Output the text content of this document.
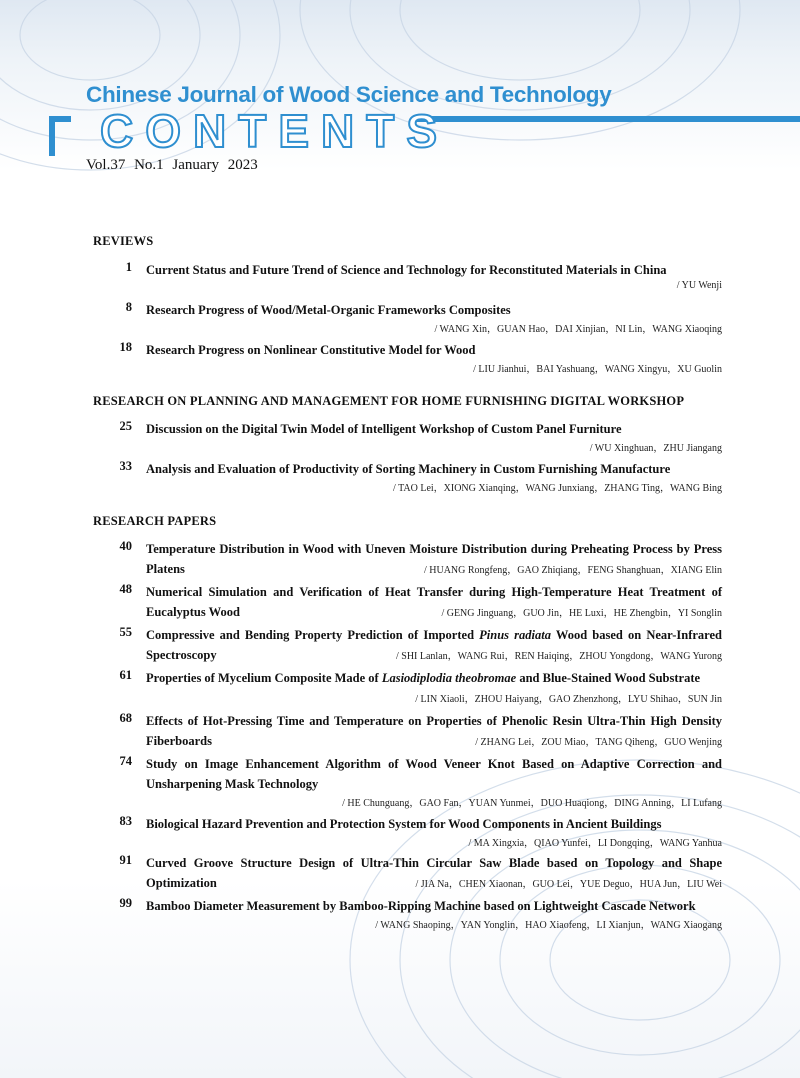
Chinese Journal of Wood Science and Technology
CONTENTS
Vol.37 No.1 January 2023
REVIEWS
1 Current Status and Future Trend of Science and Technology for Reconstituted Materials in China
/ YU Wenji
8 Research Progress of Wood/Metal-Organic Frameworks Composites
/ WANG Xin，GUAN Hao，DAI Xinjian，NI Lin，WANG Xiaoqing
18 Research Progress on Nonlinear Constitutive Model for Wood
/ LIU Jianhui，BAI Yashuang，WANG Xingyu，XU Guolin
RESEARCH ON PLANNING AND MANAGEMENT FOR HOME FURNISHING DIGITAL WORKSHOP
25 Discussion on the Digital Twin Model of Intelligent Workshop of Custom Panel Furniture
/ WU Xinghuan，ZHU Jiangang
33 Analysis and Evaluation of Productivity of Sorting Machinery in Custom Furnishing Manufacture
/ TAO Lei，XIONG Xianqing，WANG Junxiang，ZHANG Ting，WANG Bing
RESEARCH PAPERS
40 Temperature Distribution in Wood with Uneven Moisture Distribution during Preheating Process by Press Platens	/ HUANG Rongfeng，GAO Zhiqiang，FENG Shanghuan，XIANG Elin
48 Numerical Simulation and Verification of Heat Transfer during High-Temperature Heat Treatment of Eucalyptus Wood	/ GENG Jinguang，GUO Jin，HE Luxi，HE Zhengbin，YI Songlin
55 Compressive and Bending Property Prediction of Imported Pinus radiata Wood based on Near-Infrared Spectroscopy	/ SHI Lanlan，WANG Rui，REN Haiqing，ZHOU Yongdong，WANG Yurong
61 Properties of Mycelium Composite Made of Lasiodiplodia theobromae and Blue-Stained Wood Substrate
/ LIN Xiaoli，ZHOU Haiyang，GAO Zhenzhong，LYU Shihao，SUN Jin
68 Effects of Hot-Pressing Time and Temperature on Properties of Phenolic Resin Ultra-Thin High Density Fiberboards	/ ZHANG Lei，ZOU Miao，TANG Qiheng，GUO Wenjing
74 Study on Image Enhancement Algorithm of Wood Veneer Knot Based on Adaptive Correction and Unsharpening Mask Technology
/ HE Chunguang，GAO Fan，YUAN Yunmei，DUO Huaqiong，DING Anning，LI Lufang
83 Biological Hazard Prevention and Protection System for Wood Components in Ancient Buildings
/ MA Xingxia，QIAO Yunfei，LI Dongqing，WANG Yanhua
91 Curved Groove Structure Design of Ultra-Thin Circular Saw Blade based on Topology and Shape Optimization	/ JIA Na，CHEN Xiaonan，GUO Lei，YUE Deguo，HUA Jun，LIU Wei
99 Bamboo Diameter Measurement by Bamboo-Ripping Machine based on Lightweight Cascade Network
/ WANG Shaoping，YAN Yonglin，HAO Xiaofeng，LI Xianjun，WANG Xiaogang
